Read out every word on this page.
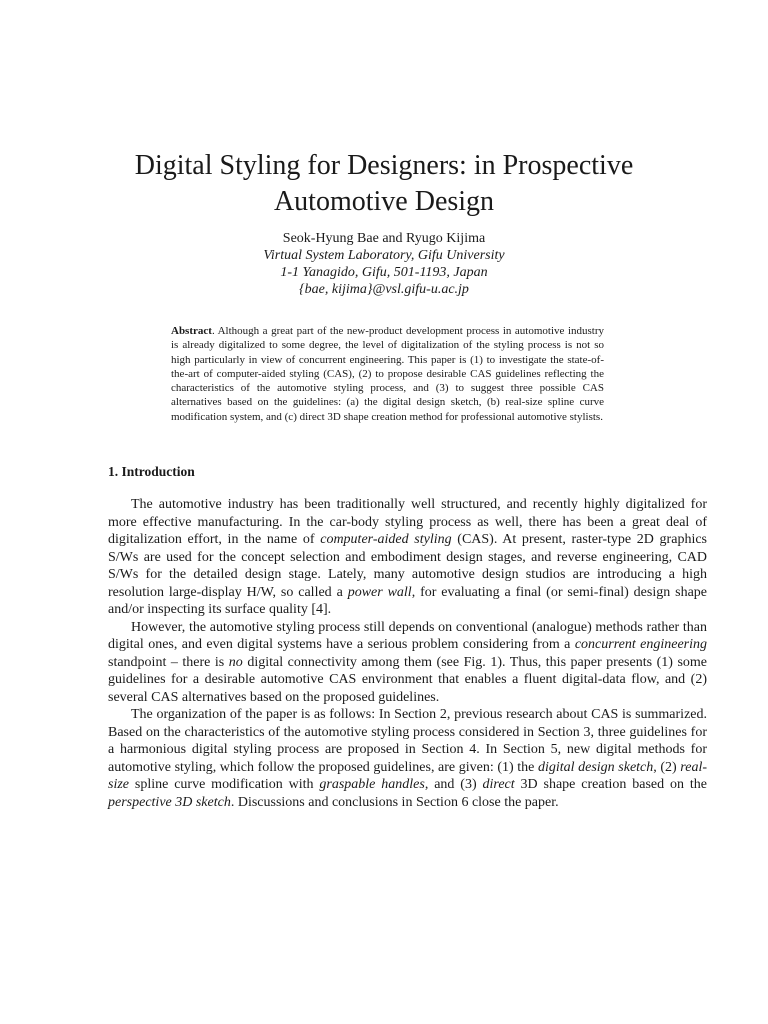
Digital Styling for Designers: in Prospective
Automotive Design
Seok-Hyung Bae and Ryugo Kijima
Virtual System Laboratory, Gifu University
1-1 Yanagido, Gifu, 501-1193, Japan
{bae, kijima}@vsl.gifu-u.ac.jp
Abstract. Although a great part of the new-product development process in automotive industry is already digitalized to some degree, the level of digitalization of the styling process is not so high particularly in view of concurrent engineering. This paper is (1) to investigate the state-of-the-art of computer-aided styling (CAS), (2) to propose desirable CAS guidelines reflecting the characteristics of the automotive styling process, and (3) to suggest three possible CAS alternatives based on the guidelines: (a) the digital design sketch, (b) real-size spline curve modification system, and (c) direct 3D shape creation method for professional automotive stylists.
1. Introduction

The automotive industry has been traditionally well structured, and recently highly digitalized for more effective manufacturing. In the car-body styling process as well, there has been a great deal of digitalization effort, in the name of computer-aided styling (CAS). At present, raster-type 2D graphics S/Ws are used for the concept selection and embodiment design stages, and reverse engineering, CAD S/Ws for the detailed design stage. Lately, many automotive design studios are introducing a high resolution large-display H/W, so called a power wall, for evaluating a final (or semi-final) design shape and/or inspecting its surface quality [4].

However, the automotive styling process still depends on conventional (analogue) methods rather than digital ones, and even digital systems have a serious problem considering from a concurrent engineering standpoint – there is no digital connectivity among them (see Fig. 1). Thus, this paper presents (1) some guidelines for a desirable automotive CAS environment that enables a fluent digital-data flow, and (2) several CAS alternatives based on the proposed guidelines.

The organization of the paper is as follows: In Section 2, previous research about CAS is summarized. Based on the characteristics of the automotive styling process considered in Section 3, three guidelines for a harmonious digital styling process are proposed in Section 4. In Section 5, new digital methods for automotive styling, which follow the proposed guidelines, are given: (1) the digital design sketch, (2) real-size spline curve modification with graspable handles, and (3) direct 3D shape creation based on the perspective 3D sketch. Discussions and conclusions in Section 6 close the paper.
